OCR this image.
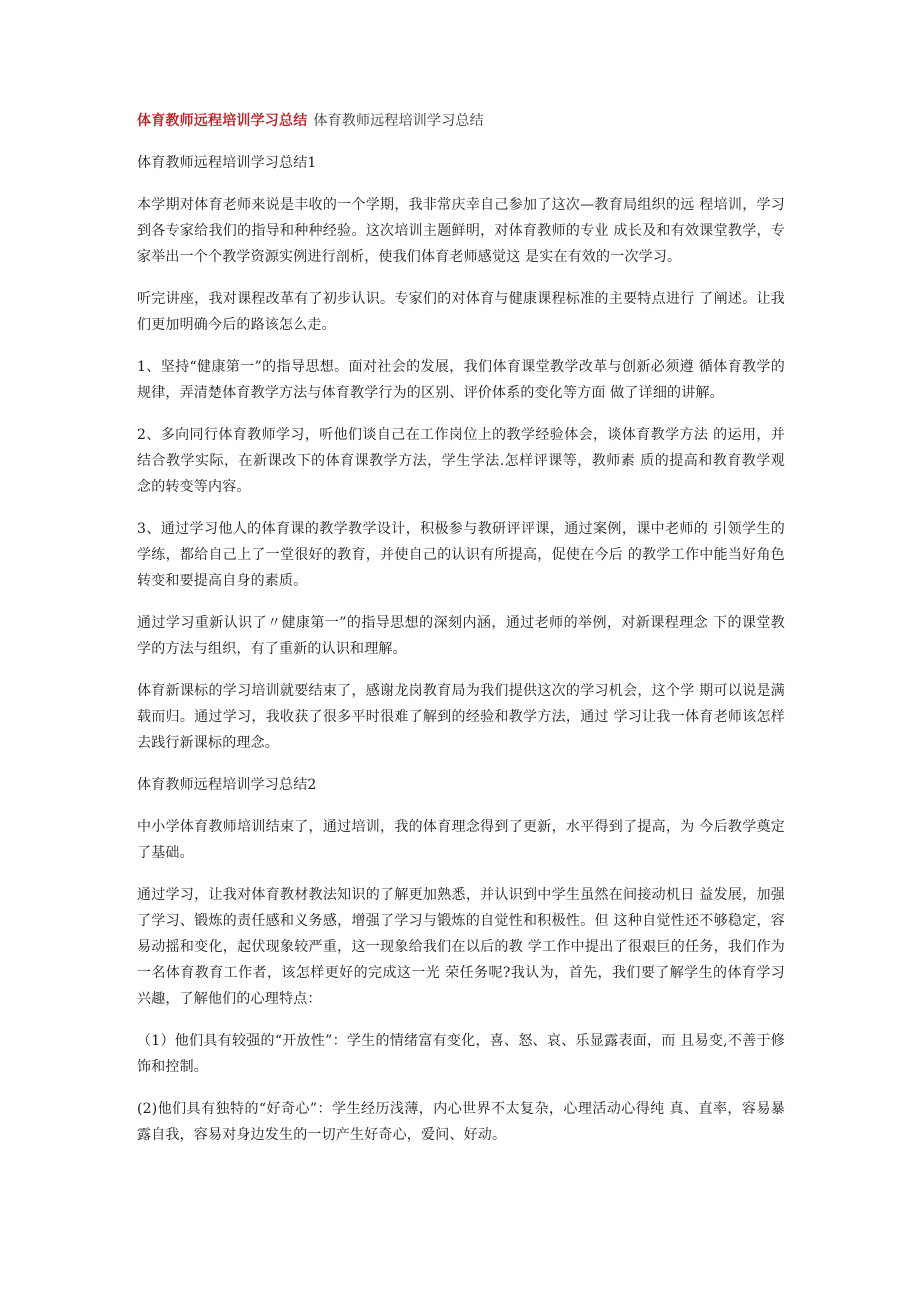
体育教师远程培训学习总结 体育教师远程培训学习总结

体育教师远程培训学习总结1

本学期对体育老师来说是丰收的一个学期，我非常庆幸自己参加了这次—教育局组织的远 程培训，学习到各专家给我们的指导和种种经验。这次培训主题鲜明，对体育教师的专业 成长及和有效课堂教学，专家举出一个个教学资源实例进行剖析，使我们体育老师感觉这 是实在有效的一次学习。

听完讲座，我对课程改革有了初步认识。专家们的对体育与健康课程标准的主要特点进行 了阐述。让我们更加明确今后的路该怎么走。

1、坚持“健康第一”的指导思想。面对社会的发展，我们体育课堂教学改革与创新必须遵 循体育教学的规律，弄清楚体育教学方法与体育教学行为的区别、评价体系的变化等方面 做了详细的讲解。

2、多向同行体育教师学习，听他们谈自己在工作岗位上的教学经验体会，谈体育教学方法 的运用，并结合教学实际，在新课改下的体育课教学方法，学生学法.怎样评课等，教师素 质的提高和教育教学观念的转变等内容。

3、通过学习他人的体育课的教学教学设计，积极参与教研评评课，通过案例，课中老师的 引领学生的学练，都给自己上了一堂很好的教育，并使自己的认识有所提高，促使在今后 的教学工作中能当好角色转变和要提高自身的素质。

通过学习重新认识了〃健康第一”的指导思想的深刻内涵，通过老师的举例，对新课程理念 下的课堂教学的方法与组织，有了重新的认识和理解。

体育新课标的学习培训就要结束了，感谢龙岗教育局为我们提供这次的学习机会，这个学 期可以说是满载而归。通过学习，我收获了很多平时很难了解到的经验和教学方法，通过 学习让我一体育老师该怎样去践行新课标的理念。

体育教师远程培训学习总结2

中小学体育教师培训结束了，通过培训，我的体育理念得到了更新，水平得到了提高，为 今后教学奠定了基础。

通过学习，让我对体育教材教法知识的了解更加熟悉，并认识到中学生虽然在间接动机日 益发展，加强了学习、锻炼的责任感和义务感，增强了学习与锻炼的自觉性和积极性。但 这种自觉性还不够稳定，容易动摇和变化，起伏现象较严重，这一现象给我们在以后的教 学工作中提出了很艰巨的任务，我们作为一名体育教育工作者，该怎样更好的完成这一光 荣任务呢?我认为，首先，我们要了解学生的体育学习兴趣，了解他们的心理特点：

（1）他们具有较强的“开放性”：学生的情绪富有变化，喜、怒、哀、乐显露表面，而 且易变,不善于修饰和控制。

(2)他们具有独特的“好奇心”：学生经历浅薄，内心世界不太复杂，心理活动心得纯 真、直率，容易暴露自我，容易对身边发生的一切产生好奇心，爱问、好动。
